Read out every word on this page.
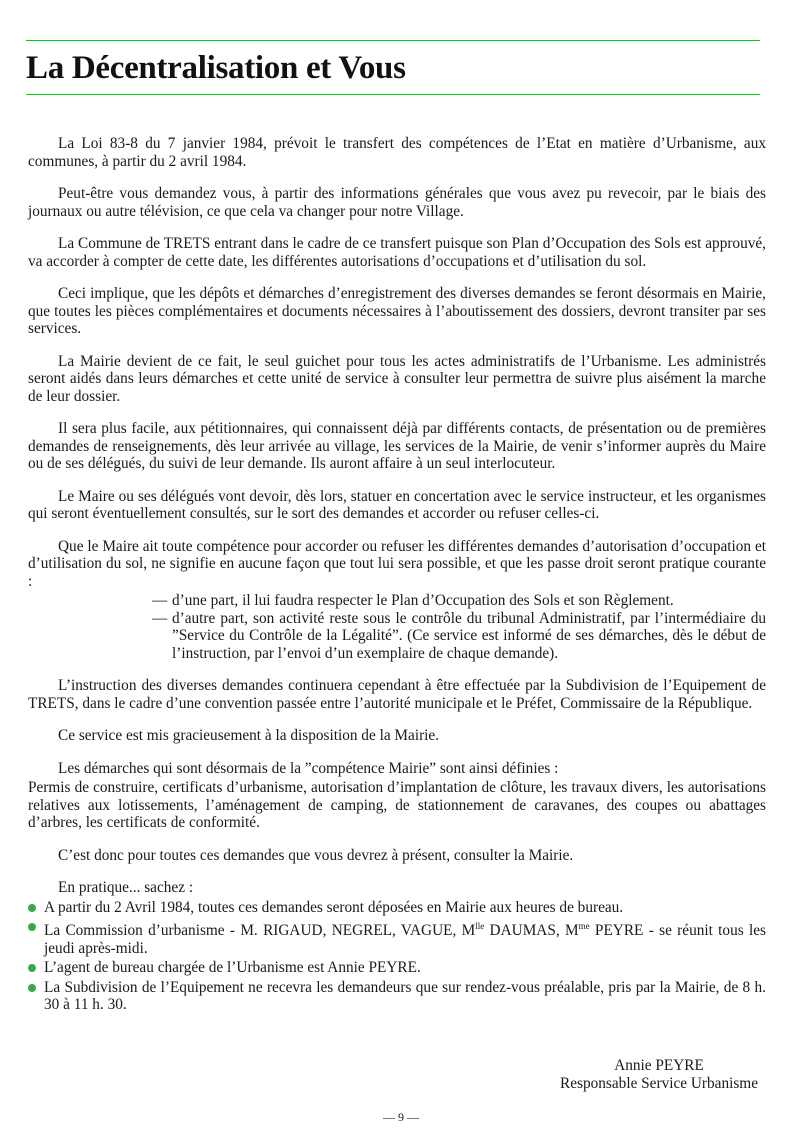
La Décentralisation et Vous

La Loi 83-8 du 7 janvier 1984, prévoit le transfert des compétences de l’Etat en matière d’Urbanisme, aux communes, à partir du 2 avril 1984.

Peut-être vous demandez vous, à partir des informations générales que vous avez pu revecoir, par le biais des journaux ou autre télévision, ce que cela va changer pour notre Village.

La Commune de TRETS entrant dans le cadre de ce transfert puisque son Plan d’Occupation des Sols est approuvé, va accorder à compter de cette date, les différentes autorisations d’occupations et d’utilisation du sol.

Ceci implique, que les dépôts et démarches d’enregistrement des diverses demandes se feront désormais en Mairie, que toutes les pièces complémentaires et documents nécessaires à l’aboutissement des dossiers, devront transiter par ses services.

La Mairie devient de ce fait, le seul guichet pour tous les actes administratifs de l’Urbanisme. Les administrés seront aidés dans leurs démarches et cette unité de service à consulter leur permettra de suivre plus aisément la marche de leur dossier.

Il sera plus facile, aux pétitionnaires, qui connaissent déjà par différents contacts, de présentation ou de premières demandes de renseignements, dès leur arrivée au village, les services de la Mairie, de venir s’informer auprès du Maire ou de ses délégués, du suivi de leur demande. Ils auront affaire à un seul interlocuteur.

Le Maire ou ses délégués vont devoir, dès lors, statuer en concertation avec le service instructeur, et les organismes qui seront éventuellement consultés, sur le sort des demandes et accorder ou refuser celles-ci.

Que le Maire ait toute compétence pour accorder ou refuser les différentes demandes d’autorisation d’occupation et d’utilisation du sol, ne signifie en aucune façon que tout lui sera possible, et que les passe droit seront pratique courante :

— d’une part, il lui faudra respecter le Plan d’Occupation des Sols et son Règlement.
— d’autre part, son activité reste sous le contrôle du tribunal Administratif, par l’intermédiaire du ”Service du Contrôle de la Légalité”. (Ce service est informé de ses démarches, dès le début de l’instruction, par l’envoi d’un exemplaire de chaque demande).

L’instruction des diverses demandes continuera cependant à être effectuée par la Subdivision de l’Equipement de TRETS, dans le cadre d’une convention passée entre l’autorité municipale et le Préfet, Commissaire de la République.

Ce service est mis gracieusement à la disposition de la Mairie.

Les démarches qui sont désormais de la ”compétence Mairie” sont ainsi définies :

Permis de construire, certificats d’urbanisme, autorisation d’implantation de clôture, les travaux divers, les autorisations relatives aux lotissements, l’aménagement de camping, de stationnement de caravanes, des coupes ou abattages d’arbres, les certificats de conformité.

C’est donc pour toutes ces demandes que vous devrez à présent, consulter la Mairie.

En pratique... sachez :

A partir du 2 Avril 1984, toutes ces demandes seront déposées en Mairie aux heures de bureau.
La Commission d’urbanisme - M. RIGAUD, NEGREL, VAGUE, $M^{lle}$ DAUMAS, $M^{me}$ PEYRE - se réunit tous les jeudi après-midi.
L’agent de bureau chargée de l’Urbanisme est Annie PEYRE.
La Subdivision de l’Equipement ne recevra les demandeurs que sur rendez-vous préalable, pris par la Mairie, de 8 h. 30 à 11 h. 30.
Annie PEYRE
Responsable Service Urbanisme
— 9 —
